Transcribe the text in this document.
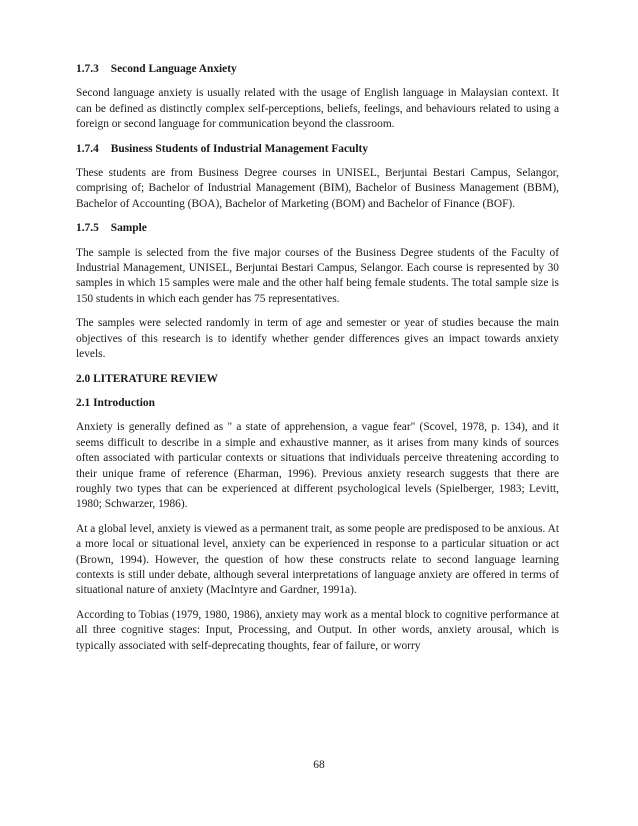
1.7.3 Second Language Anxiety

Second language anxiety is usually related with the usage of English language in Malaysian context. It can be defined as distinctly complex self-perceptions, beliefs, feelings, and behaviours related to using a foreign or second language for communication beyond the classroom.

1.7.4 Business Students of Industrial Management Faculty

These students are from Business Degree courses in UNISEL, Berjuntai Bestari Campus, Selangor, comprising of; Bachelor of Industrial Management (BIM), Bachelor of Business Management (BBM), Bachelor of Accounting (BOA), Bachelor of Marketing (BOM) and Bachelor of Finance (BOF).

1.7.5 Sample

The sample is selected from the five major courses of the Business Degree students of the Faculty of Industrial Management, UNISEL, Berjuntai Bestari Campus, Selangor. Each course is represented by 30 samples in which 15 samples were male and the other half being female students. The total sample size is 150 students in which each gender has 75 representatives.

The samples were selected randomly in term of age and semester or year of studies because the main objectives of this research is to identify whether gender differences gives an impact towards anxiety levels.

2.0 LITERATURE REVIEW
2.1 Introduction

Anxiety is generally defined as " a state of apprehension, a vague fear" (Scovel, 1978, p. 134), and it seems difficult to describe in a simple and exhaustive manner, as it arises from many kinds of sources often associated with particular contexts or situations that individuals perceive threatening according to their unique frame of reference (Eharman, 1996). Previous anxiety research suggests that there are roughly two types that can be experienced at different psychological levels (Spielberger, 1983; Levitt, 1980; Schwarzer, 1986).

At a global level, anxiety is viewed as a permanent trait, as some people are predisposed to be anxious. At a more local or situational level, anxiety can be experienced in response to a particular situation or act (Brown, 1994). However, the question of how these constructs relate to second language learning contexts is still under debate, although several interpretations of language anxiety are offered in terms of situational nature of anxiety (MacIntyre and Gardner, 1991a).

According to Tobias (1979, 1980, 1986), anxiety may work as a mental block to cognitive performance at all three cognitive stages: Input, Processing, and Output. In other words, anxiety arousal, which is typically associated with self-deprecating thoughts, fear of failure, or worry

68
